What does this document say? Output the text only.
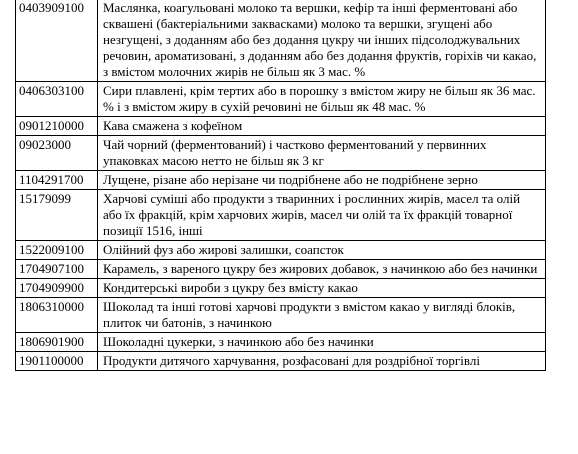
0403909100	Маслянка, коагульовані молоко та вершки, кефір та інші ферментовані або сквашені (бактеріальними заквасками) молоко та вершки, згущені або незгущені, з доданням або без додання цукру чи інших підсолоджувальних речовин, ароматизовані, з доданням або без додання фруктів, горіхів чи какао, з вмістом молочних жирів не більш як 3 мас. %
0406303100	Сири плавлені, крім тертих або в порошку з вмістом жиру не більш як 36 мас. % і з вмістом жиру в сухій речовині не більш як 48 мас. %
0901210000	Кава смажена з кофеїном
09023000	Чай чорний (ферментований) і частково ферментований у первинних упаковках масою нетто не більш як 3 кг
1104291700	Лущене, різане або нерізане чи подрібнене або не подрібнене зерно
15179099	Харчові суміші або продукти з тваринних і рослинних жирів, масел та олій або їх фракцій, крім харчових жирів, масел чи олій та їх фракцій товарної позиції 1516, інші
1522009100	Олійний фуз або жирові залишки, соапсток
1704907100	Карамель, з вареного цукру без жирових добавок, з начинкою або без начинки
1704909900	Кондитерські вироби з цукру без вмісту какао
1806310000	Шоколад та інші готові харчові продукти з вмістом какао у вигляді блоків, плиток чи батонів, з начинкою
1806901900	Шоколадні цукерки, з начинкою або без начинки
1901100000	Продукти дитячого харчування, розфасовані для роздрібної торгівлі
